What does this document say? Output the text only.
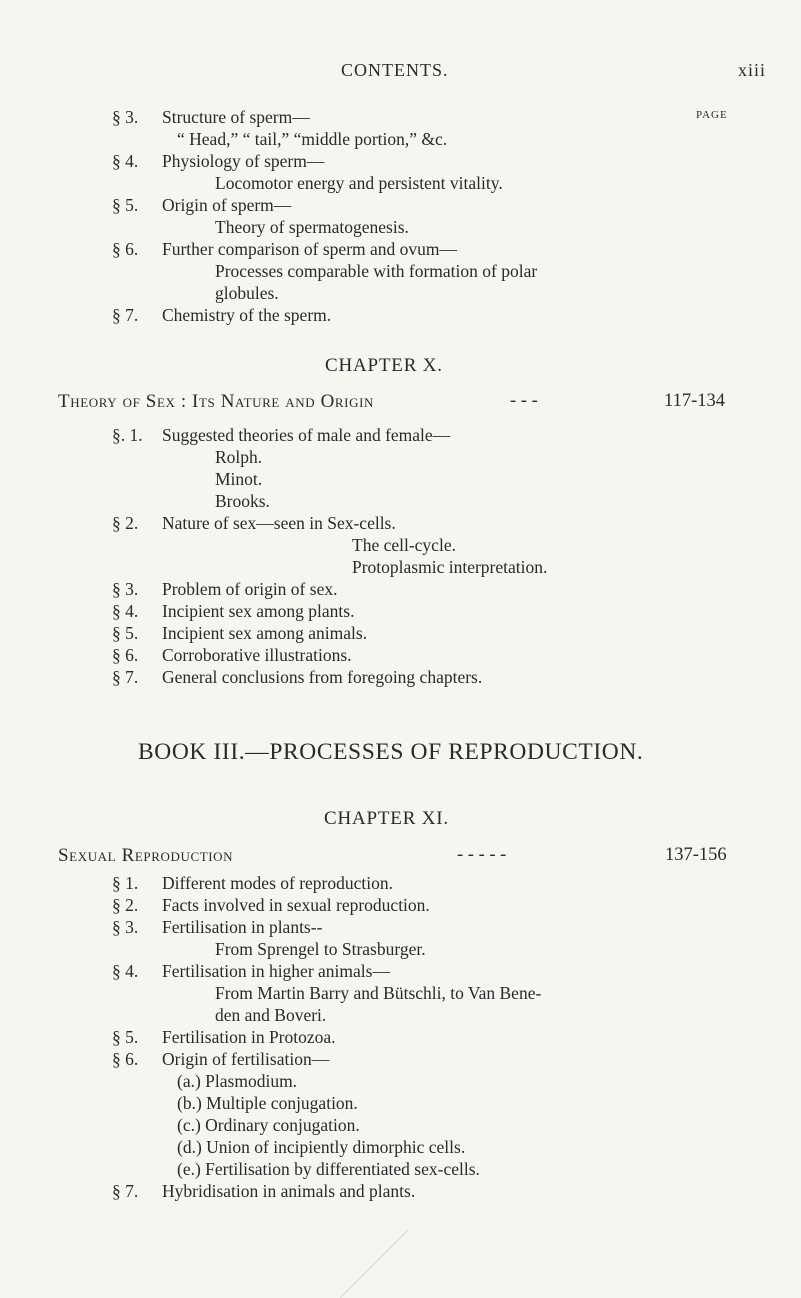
CONTENTS.	xiii
PAGE
§ 3. Structure of sperm—
“ Head,” “ tail,” “middle portion,” &c.
§ 4. Physiology of sperm—
Locomotor energy and persistent vitality.
§ 5. Origin of sperm—
Theory of spermatogenesis.
§ 6. Further comparison of sperm and ovum—
Processes comparable with formation of polar
globules.
§ 7. Chemistry of the sperm.
CHAPTER X.
Theory of Sex : Its Nature and Origin	- - -	117-134
§. 1. Suggested theories of male and female—
Rolph.
Minot.
Brooks.
§ 2. Nature of sex—seen in Sex-cells.
The cell-cycle.
Protoplasmic interpretation.
§ 3. Problem of origin of sex.
§ 4. Incipient sex among plants.
§ 5. Incipient sex among animals.
§ 6. Corroborative illustrations.
§ 7. General conclusions from foregoing chapters.
BOOK III.—PROCESSES OF REPRODUCTION.
CHAPTER XI.
Sexual Reproduction	- - - - -	137-156
§ 1. Different modes of reproduction.
§ 2. Facts involved in sexual reproduction.
§ 3. Fertilisation in plants--
From Sprengel to Strasburger.
§ 4. Fertilisation in higher animals—
From Martin Barry and Bütschli, to Van Bene-
den and Boveri.
§ 5. Fertilisation in Protozoa.
§ 6. Origin of fertilisation—
(a.) Plasmodium.
(b.) Multiple conjugation.
(c.) Ordinary conjugation.
(d.) Union of incipiently dimorphic cells.
(e.) Fertilisation by differentiated sex-cells.
§ 7. Hybridisation in animals and plants.
